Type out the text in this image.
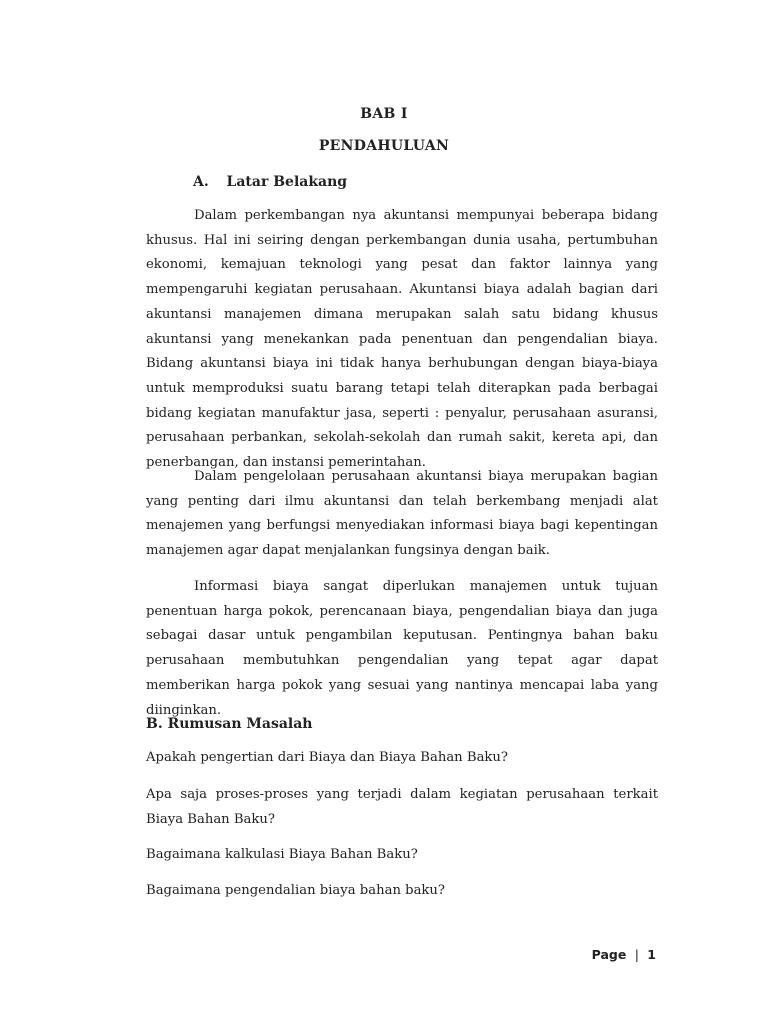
BAB I
PENDAHULUAN
A. Latar Belakang

Dalam perkembangan nya akuntansi mempunyai beberapa bidang khusus. Hal ini seiring dengan perkembangan dunia usaha, pertumbuhan ekonomi, kemajuan teknologi yang pesat dan faktor lainnya yang mempengaruhi kegiatan perusahaan. Akuntansi biaya adalah bagian dari akuntansi manajemen dimana merupakan salah satu bidang khusus akuntansi yang menekankan pada penentuan dan pengendalian biaya. Bidang akuntansi biaya ini tidak hanya berhubungan dengan biaya-biaya untuk memproduksi suatu barang tetapi telah diterapkan pada berbagai bidang kegiatan manufaktur jasa, seperti : penyalur, perusahaan asuransi, perusahaan perbankan, sekolah-sekolah dan rumah sakit, kereta api, dan penerbangan, dan instansi pemerintahan.

Dalam pengelolaan perusahaan akuntansi biaya merupakan bagian yang penting dari ilmu akuntansi dan telah berkembang menjadi alat menajemen yang berfungsi menyediakan informasi biaya bagi kepentingan manajemen agar dapat menjalankan fungsinya dengan baik.

Informasi biaya sangat diperlukan manajemen untuk tujuan penentuan harga pokok, perencanaan biaya, pengendalian biaya dan juga sebagai dasar untuk pengambilan keputusan. Pentingnya bahan baku perusahaan membutuhkan pengendalian yang tepat agar dapat memberikan harga pokok yang sesuai yang nantinya mencapai laba yang diinginkan.

B. Rumusan Masalah

Apakah pengertian dari Biaya dan Biaya Bahan Baku?

Apa saja proses-proses yang terjadi dalam kegiatan perusahaan terkait Biaya Bahan Baku?

Bagaimana kalkulasi Biaya Bahan Baku?

Bagaimana pengendalian biaya bahan baku?

Page | 1
